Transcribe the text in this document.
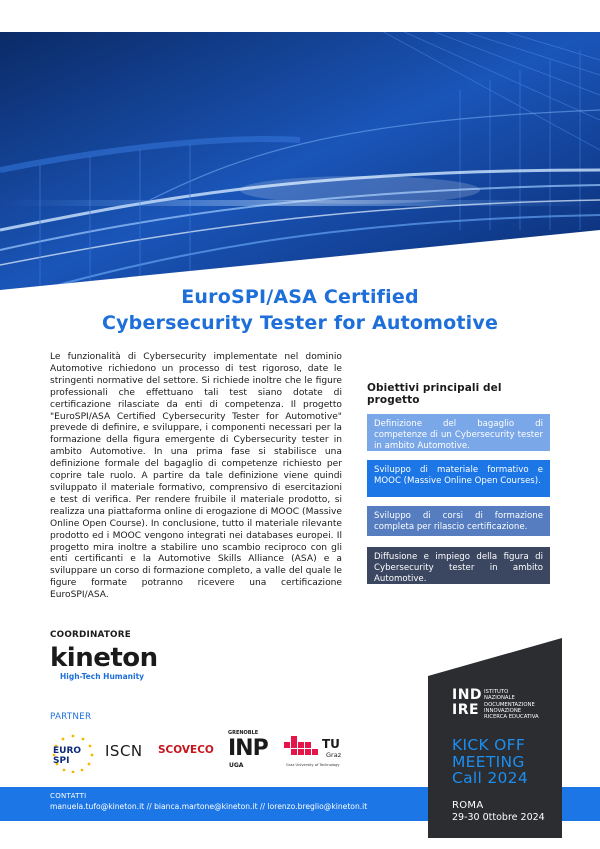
EuroSPI/ASA Certified
Cybersecurity Tester for Automotive
Le funzionalità di Cybersecurity implementate nel dominio Automotive richiedono un processo di test rigoroso, date le stringenti normative del settore. Si richiede inoltre che le figure professionali che effettuano tali test siano dotate di certificazione rilasciate da enti di competenza. Il progetto "EuroSPI/ASA Certified Cybersecurity Tester for Automotive" prevede di definire, e sviluppare, i componenti necessari per la formazione della figura emergente di Cybersecurity tester in ambito Automotive. In una prima fase si stabilisce una definizione formale del bagaglio di competenze richiesto per coprire tale ruolo. A partire da tale definizione viene quindi sviluppato il materiale formativo, comprensivo di esercitazioni e test di verifica. Per rendere fruibile il materiale prodotto, si realizza una piattaforma online di erogazione di MOOC (Massive Online Open Course). In conclusione, tutto il materiale rilevante prodotto ed i MOOC vengono integrati nei databases europei. Il progetto mira inoltre a stabilire uno scambio reciproco con gli enti certificanti e la Automotive Skills Alliance (ASA) e a sviluppare un corso di formazione completo, a valle del quale le figure formate potranno ricevere una certificazione EuroSPI/ASA.
Obiettivi principali del progetto
Definizione del bagaglio di competenze di un Cybersecurity tester in ambito Automotive.
Sviluppo di materiale formativo e MOOC (Massive Online Open Courses).
Sviluppo di corsi di formazione completa per rilascio certificazione.
Diffusione e impiego della figura di Cybersecurity tester in ambito Automotive.
COORDINATORE
kineton
High-Tech Humanity
PARTNER
EURO SPI
ISCN SCOVECO
GRENOBLE
INP
UGA
TU
Graz
Graz University of Technology
CONTATTI
manuela.tufo@kineton.it // bianca.martone@kineton.it // lorenzo.breglio@kineton.it
IND
IRE
ISTITUTO
NAZIONALE
DOCUMENTAZIONE
INNOVAZIONE
RICERCA EDUCATIVA
KICK OFF
MEETING
Call 2024
ROMA
29-30 0ttobre 2024
